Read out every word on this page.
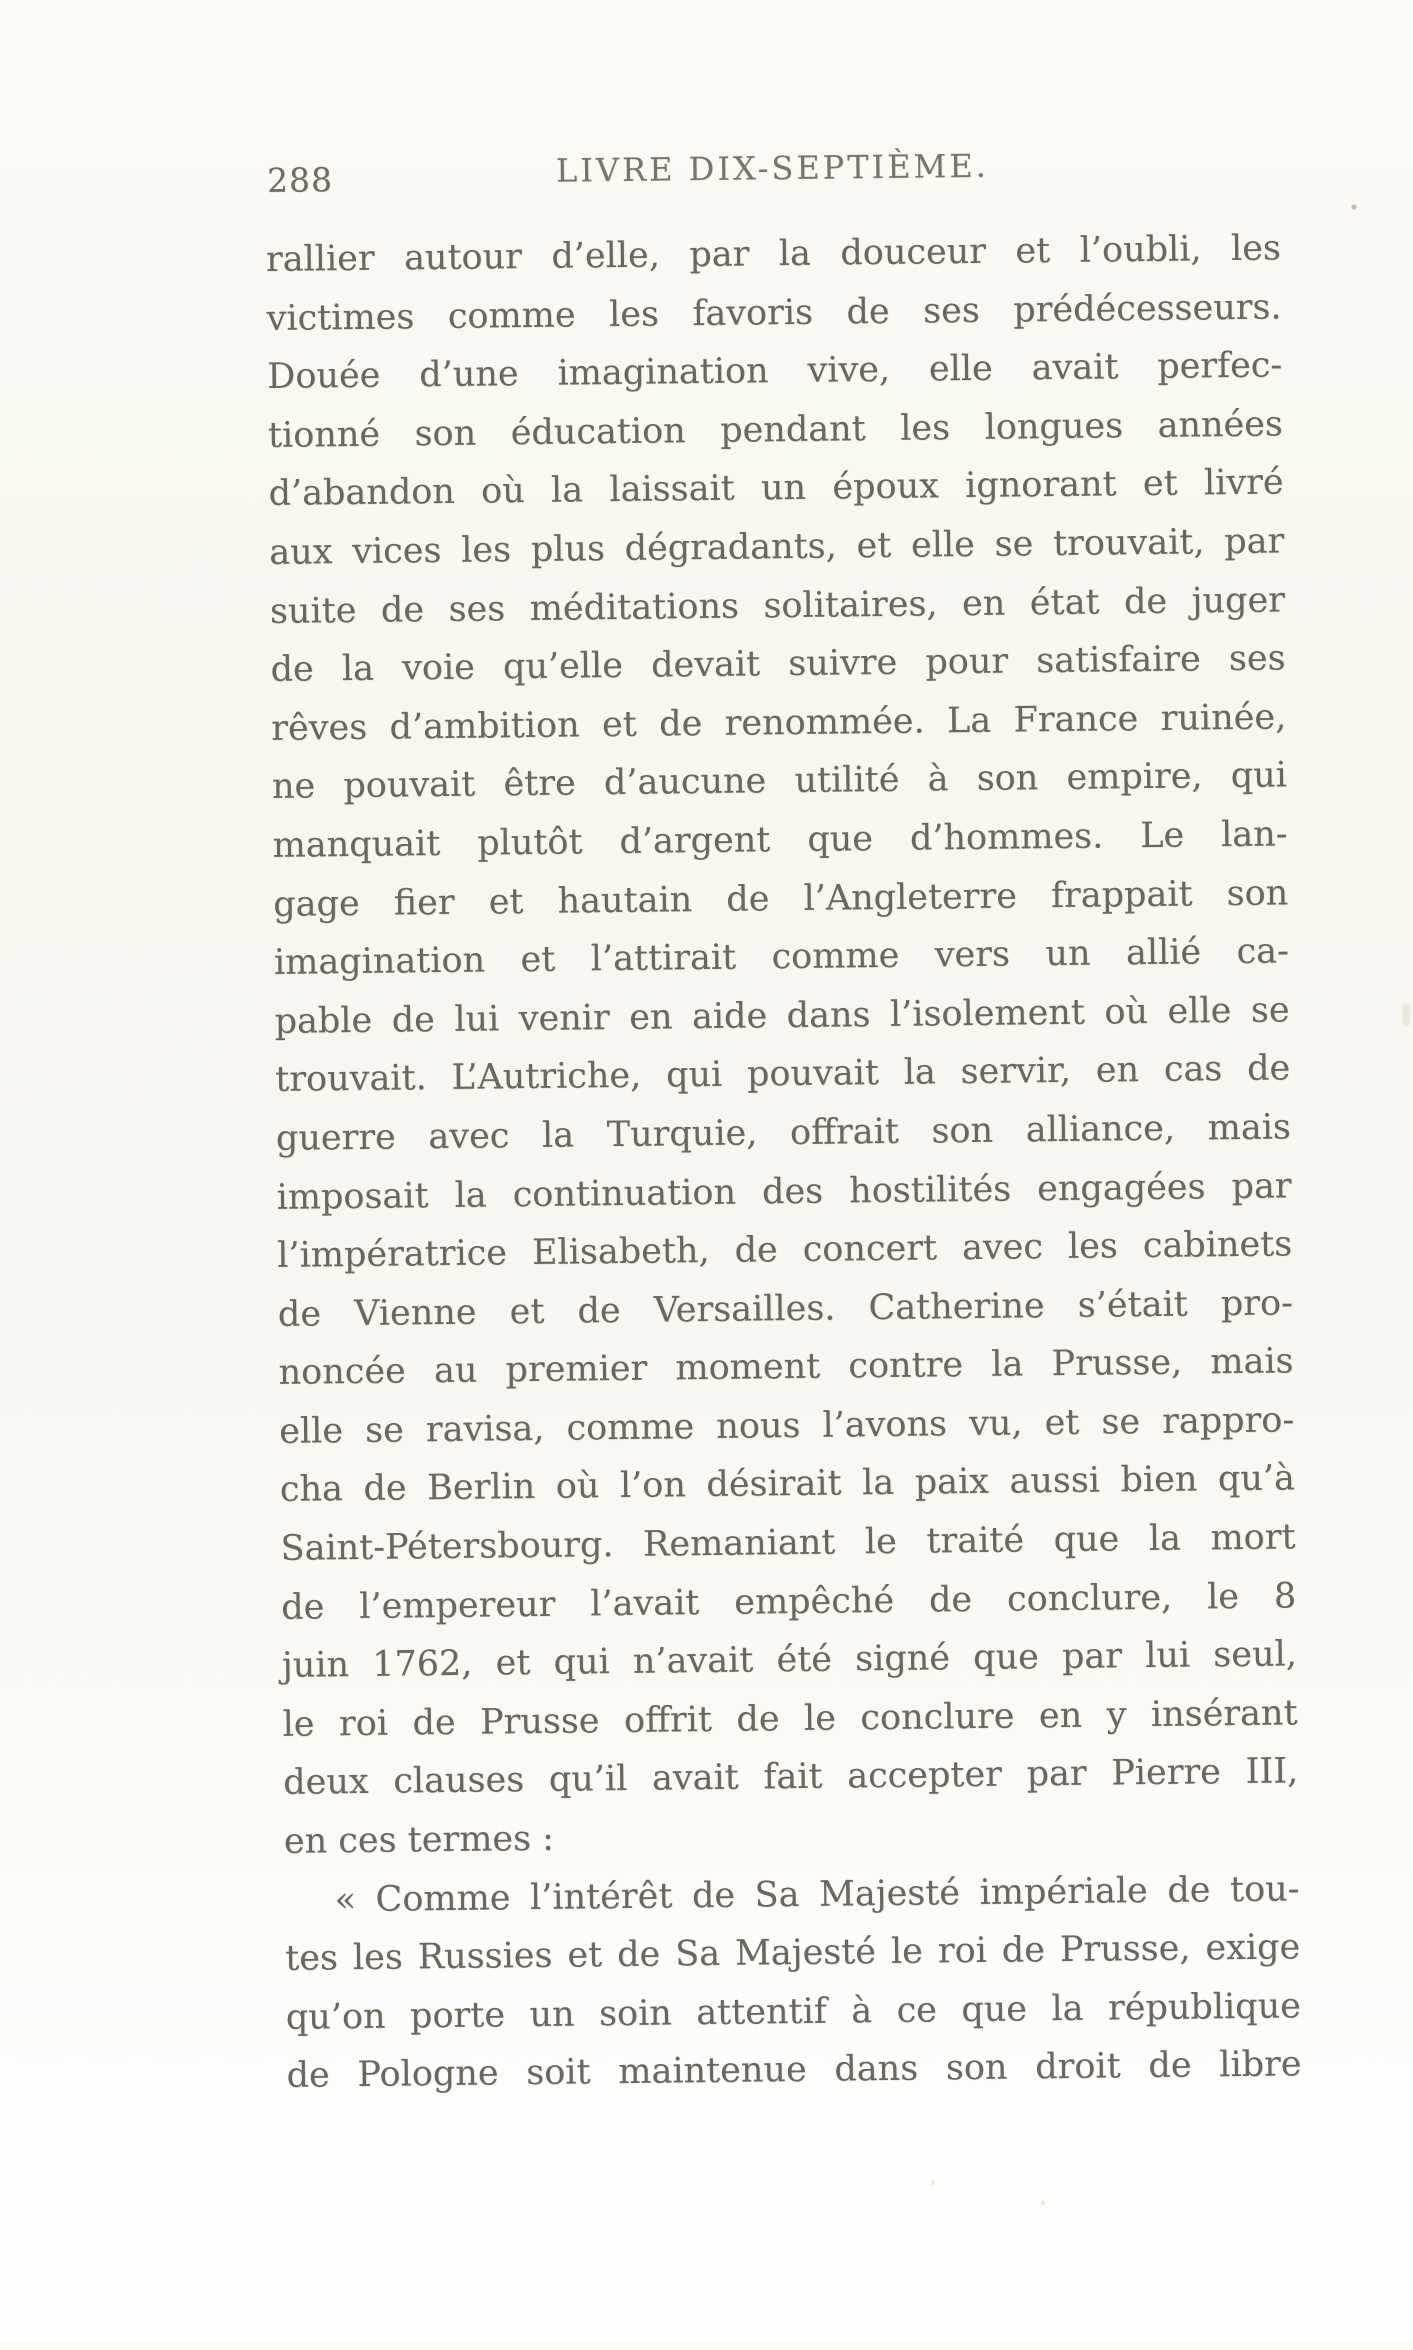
288	LIVRE DIX-SEPTIÈME.
rallier autour d’elle, par la douceur et l’oubli, les
victimes comme les favoris de ses prédécesseurs.
Douée d’une imagination vive, elle avait perfec-
tionné son éducation pendant les longues années
d’abandon où la laissait un époux ignorant et livré
aux vices les plus dégradants, et elle se trouvait, par
suite de ses méditations solitaires, en état de juger
de la voie qu’elle devait suivre pour satisfaire ses
rêves d’ambition et de renommée. La France ruinée,
ne pouvait être d’aucune utilité à son empire, qui
manquait plutôt d’argent que d’hommes. Le lan-
gage fier et hautain de l’Angleterre frappait son
imagination et l’attirait comme vers un allié ca-
pable de lui venir en aide dans l’isolement où elle se
trouvait. L’Autriche, qui pouvait la servir, en cas de
guerre avec la Turquie, offrait son alliance, mais
imposait la continuation des hostilités engagées par
l’impératrice Elisabeth, de concert avec les cabinets
de Vienne et de Versailles. Catherine s’était pro-
noncée au premier moment contre la Prusse, mais
elle se ravisa, comme nous l’avons vu, et se rappro-
cha de Berlin où l’on désirait la paix aussi bien qu’à
Saint-Pétersbourg. Remaniant le traité que la mort
de l’empereur l’avait empêché de conclure, le 8
juin 1762, et qui n’avait été signé que par lui seul,
le roi de Prusse offrit de le conclure en y insérant
deux clauses qu’il avait fait accepter par Pierre III,
en ces termes :
« Comme l’intérêt de Sa Majesté impériale de tou-
tes les Russies et de Sa Majesté le roi de Prusse, exige
qu’on porte un soin attentif à ce que la république
de Pologne soit maintenue dans son droit de libre
